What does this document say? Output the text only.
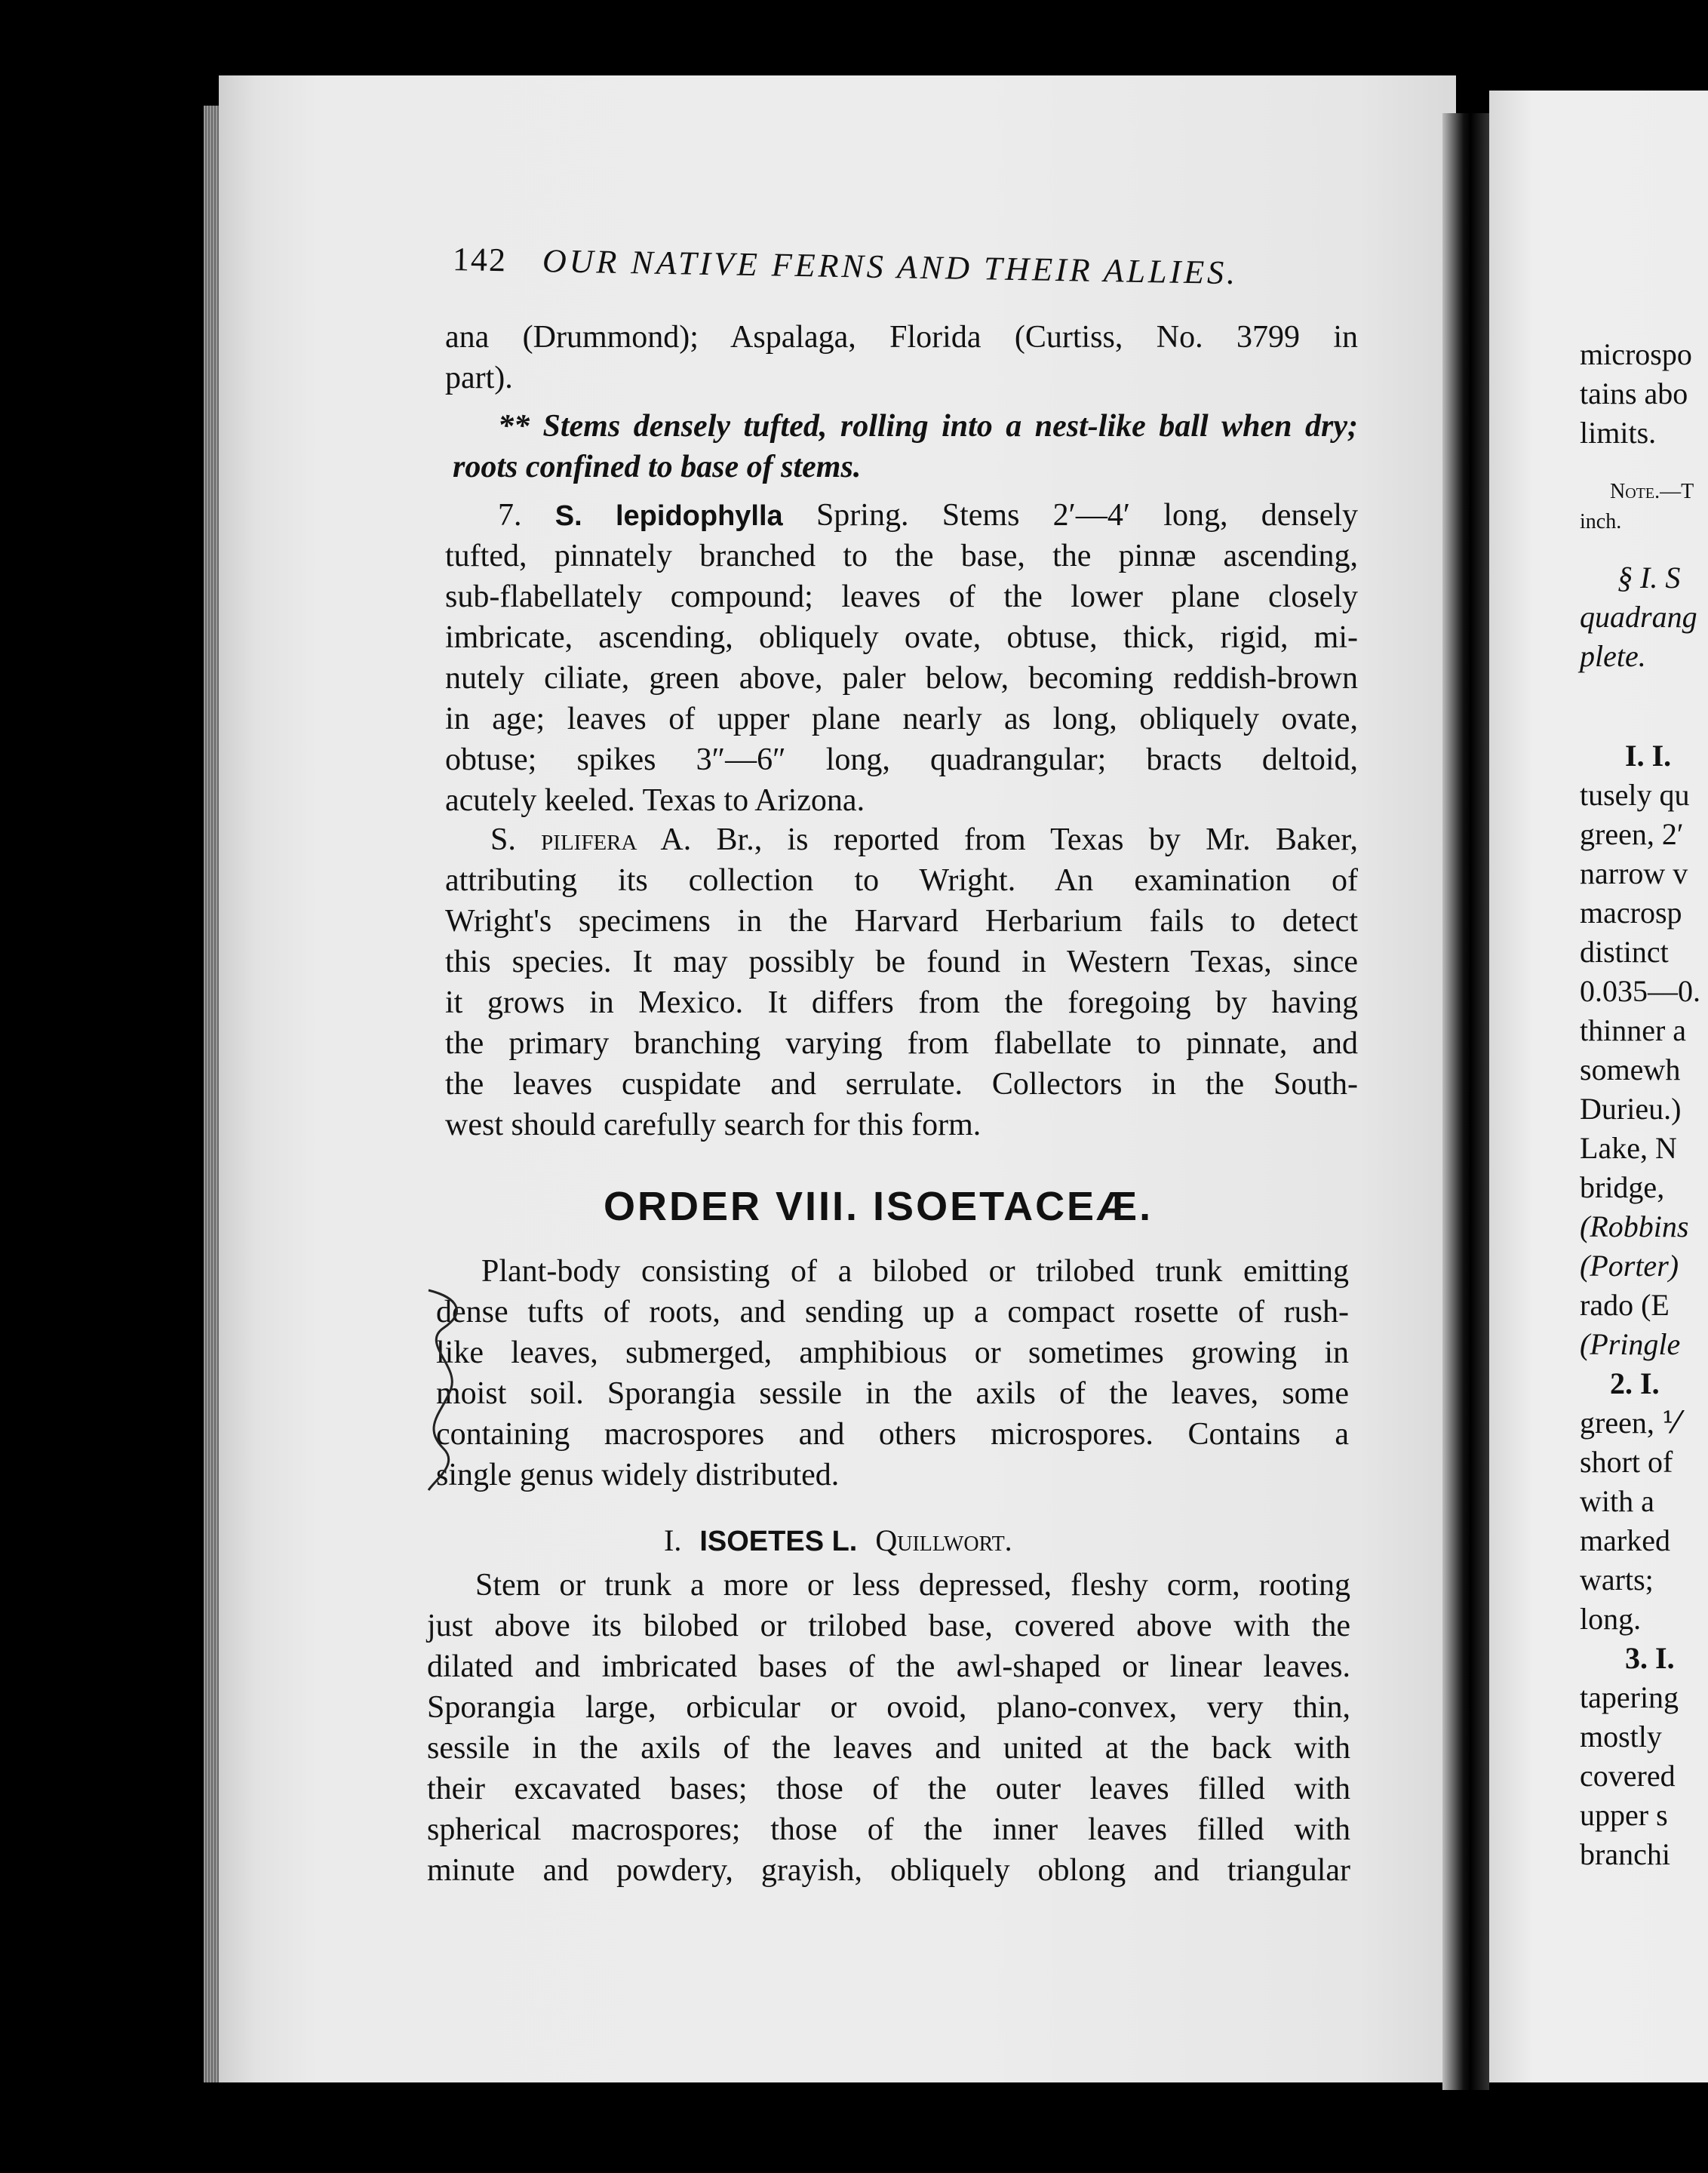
142 OUR NATIVE FERNS AND THEIR ALLIES.
ana (Drummond); Aspalaga, Florida (Curtiss, No. 3799 in
part).
** Stems densely tufted, rolling into a nest-like ball when dry;
roots confined to base of stems.
7. S. lepidophylla Spring. Stems 2′—4′ long, densely
tufted, pinnately branched to the base, the pinnæ ascending,
sub-flabellately compound; leaves of the lower plane closely
imbricate, ascending, obliquely ovate, obtuse, thick, rigid, mi-
nutely ciliate, green above, paler below, becoming reddish-brown
in age; leaves of upper plane nearly as long, obliquely ovate,
obtuse; spikes 3″—6″ long, quadrangular; bracts deltoid,
acutely keeled. Texas to Arizona.
S. pilifera A. Br., is reported from Texas by Mr. Baker,
attributing its collection to Wright. An examination of
Wright's specimens in the Harvard Herbarium fails to detect
this species. It may possibly be found in Western Texas, since
it grows in Mexico. It differs from the foregoing by having
the primary branching varying from flabellate to pinnate, and
the leaves cuspidate and serrulate. Collectors in the South-
west should carefully search for this form.
ORDER VIII. ISOETACEÆ.
Plant-body consisting of a bilobed or trilobed trunk emitting
dense tufts of roots, and sending up a compact rosette of rush-
like leaves, submerged, amphibious or sometimes growing in
moist soil. Sporangia sessile in the axils of the leaves, some
containing macrospores and others microspores. Contains a
single genus widely distributed.
I. ISOETES L. Quillwort.
Stem or trunk a more or less depressed, fleshy corm, rooting
just above its bilobed or trilobed base, covered above with the
dilated and imbricated bases of the awl-shaped or linear leaves.
Sporangia large, orbicular or ovoid, plano-convex, very thin,
sessile in the axils of the leaves and united at the back with
their excavated bases; those of the outer leaves filled with
spherical macrospores; those of the inner leaves filled with
minute and powdery, grayish, obliquely oblong and triangular
microspo
tains abo
limits.
Note.—T
inch.
§ I. S
quadrang
plete.
I. I.
tusely qu
green, 2′
narrow v
macrosp
distinct
0.035—0.
thinner a
somewh
Durieu.)
Lake, N
bridge,
(Robbins
(Porter)
rado (E
(Pringle
2. I.
green, ⅟
short of
with a
marked
warts;
long.
3. I.
tapering
mostly
covered
upper s
branchi
